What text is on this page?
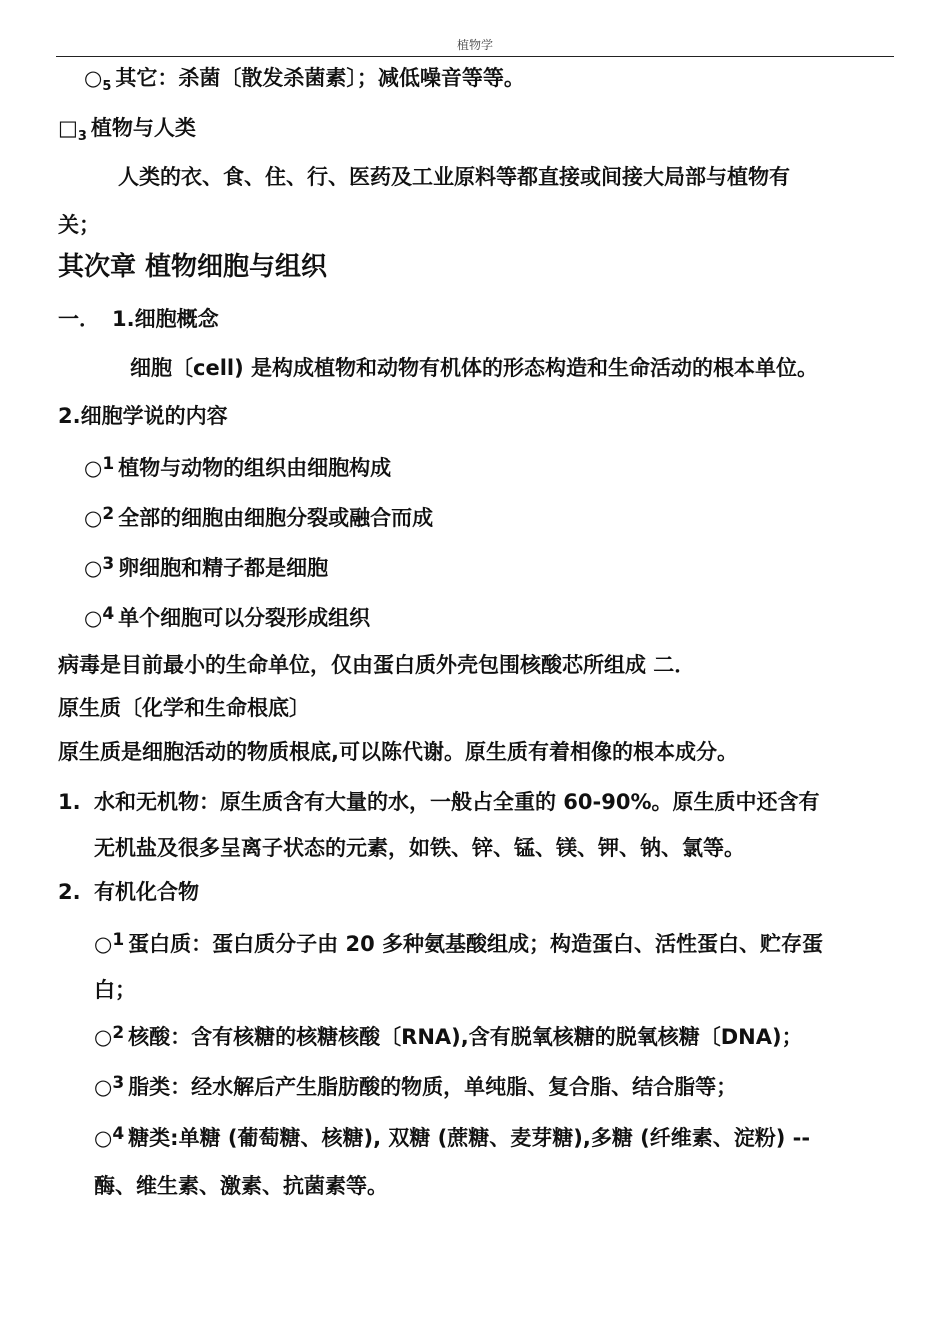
植物学
$○_5$ 其它：杀菌〔散发杀菌素〕；减低噪音等等。
$□_3$ 植物与人类
人类的衣、食、住、行、医药及工业原料等都直接或间接大局部与植物有
关；
其次章 植物细胞与组织
一． 1.细胞概念
细胞〔cell) 是构成植物和动物有机体的形态构造和生命活动的根本单位。
2.细胞学说的内容
○$^1$ 植物与动物的组织由细胞构成
○$^2$ 全部的细胞由细胞分裂或融合而成
○$^3$ 卵细胞和精子都是细胞
○$^4$ 单个细胞可以分裂形成组织
病毒是目前最小的生命单位，仅由蛋白质外壳包围核酸芯所组成 二．
原生质〔化学和生命根底〕
原生质是细胞活动的物质根底,可以陈代谢。原生质有着相像的根本成分。
1. 水和无机物：原生质含有大量的水，一般占全重的 60-90%。原生质中还含有
无机盐及很多呈离子状态的元素，如铁、锌、锰、镁、钾、钠、氯等。
2. 有机化合物
○$^1$ 蛋白质：蛋白质分子由 20 多种氨基酸组成；构造蛋白、活性蛋白、贮存蛋
白；
○$^2$ 核酸：含有核糖的核糖核酸〔RNA),含有脱氧核糖的脱氧核糖〔DNA)；
○$^3$ 脂类：经水解后产生脂肪酸的物质，单纯脂、复合脂、结合脂等；
○$^4$ 糖类:单糖 (葡萄糖、核糖), 双糖 (蔗糖、麦芽糖),多糖 (纤维素、淀粉) --
酶、维生素、激素、抗菌素等。
